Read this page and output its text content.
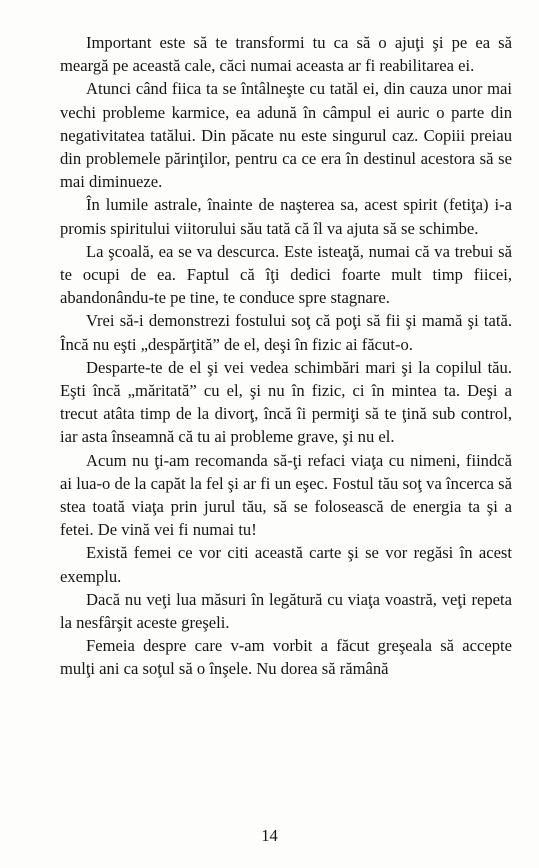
Important este să te transformi tu ca să o ajuţi şi pe ea să meargă pe această cale, căci numai aceasta ar fi reabilitarea ei.

Atunci când fiica ta se întâlneşte cu tatăl ei, din cauza unor mai vechi probleme karmice, ea adună în câmpul ei auric o parte din negativitatea tatălui. Din păcate nu este singurul caz. Copiii preiau din problemele părinţilor, pentru ca ce era în destinul acestora să se mai diminueze.

În lumile astrale, înainte de naşterea sa, acest spirit (fetiţa) i-a promis spiritului viitorului său tată că îl va ajuta să se schimbe.

La şcoală, ea se va descurca. Este isteaţă, numai că va trebui să te ocupi de ea. Faptul că îţi dedici foarte mult timp fiicei, abandonându-te pe tine, te conduce spre stagnare.

Vrei să-i demonstrezi fostului soţ că poţi să fii şi mamă şi tată. Încă nu eşti „despărţită” de el, deşi în fizic ai făcut-o.

Desparte-te de el şi vei vedea schimbări mari şi la copilul tău. Eşti încă „măritată” cu el, şi nu în fizic, ci în mintea ta. Deşi a trecut atâta timp de la divorţ, încă îi permiţi să te ţină sub control, iar asta înseamnă că tu ai probleme grave, şi nu el.

Acum nu ţi-am recomanda să-ţi refaci viaţa cu nimeni, fiindcă ai lua-o de la capăt la fel şi ar fi un eşec. Fostul tău soţ va încerca să stea toată viaţa prin jurul tău, să se folosească de energia ta şi a fetei. De vină vei fi numai tu!

Există femei ce vor citi această carte şi se vor regăsi în acest exemplu.

Dacă nu veţi lua măsuri în legătură cu viaţa voastră, veţi repeta la nesfârşit aceste greşeli.

Femeia despre care v-am vorbit a făcut greşeala să accepte mulţi ani ca soţul să o înşele. Nu dorea să rămână

14
